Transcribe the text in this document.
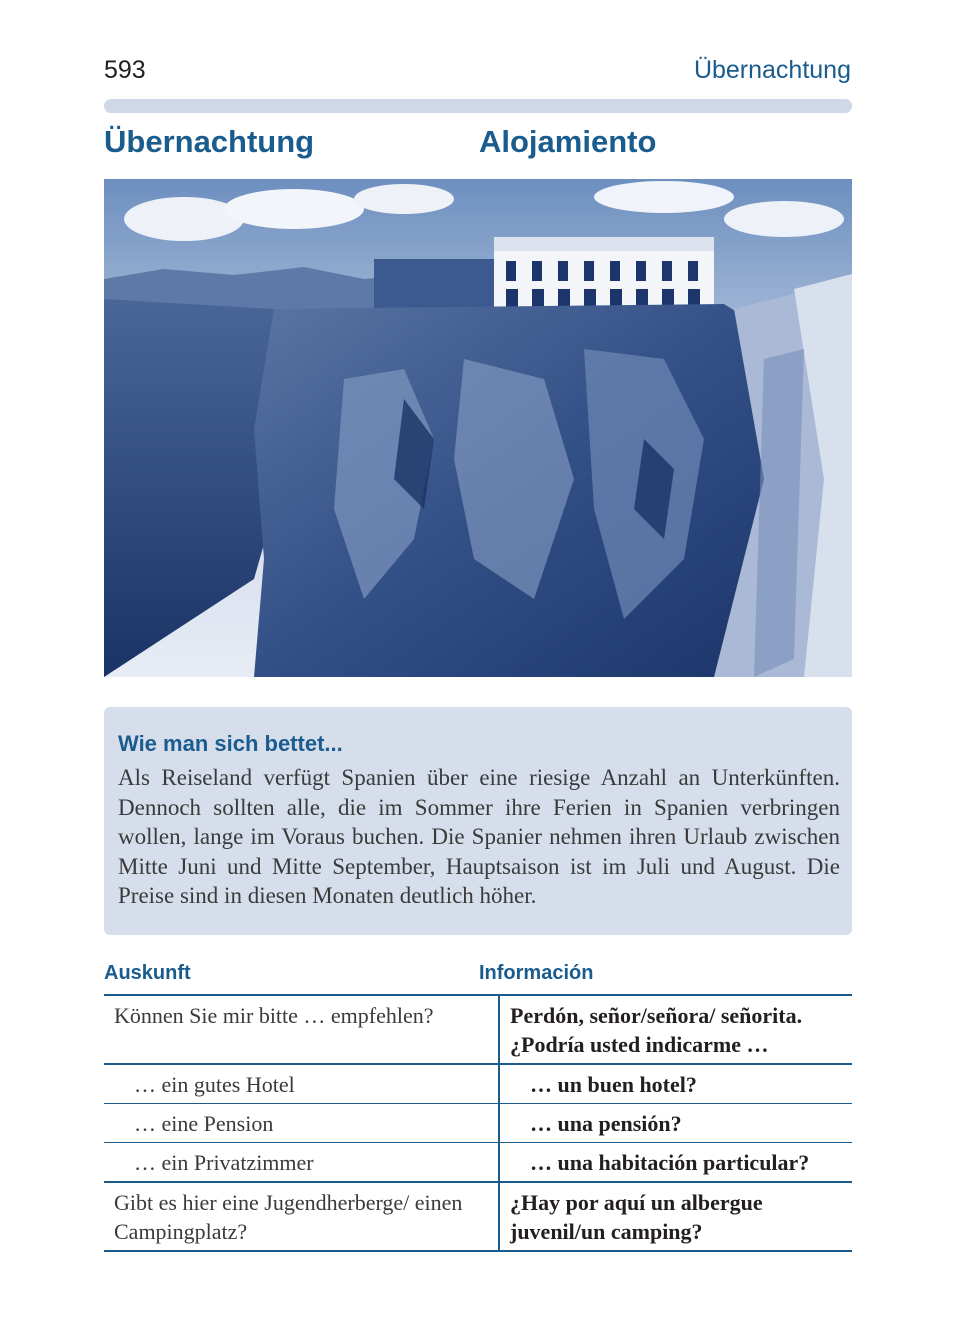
593	Übernachtung
Übernachtung	Alojamiento
Wie man sich bettet...
Als Reiseland verfügt Spanien über eine riesige Anzahl an Unterkünften. Dennoch sollten alle, die im Sommer ihre Ferien in Spanien verbringen wollen, lange im Voraus buchen. Die Spanier nehmen ihren Urlaub zwischen Mitte Juni und Mitte September, Hauptsaison ist im Juli und August. Die Preise sind in diesen Monaten deutlich höher.
Auskunft	Información
Können Sie mir bitte … empfehlen?	Perdón, señor/señora/ señorita. ¿Podría usted indicarme …
… ein gutes Hotel	… un buen hotel?
… eine Pension	… una pensión?
… ein Privatzimmer	… una habitación particular?
Gibt es hier eine Jugendherberge/ einen Campingplatz?	¿Hay por aquí un albergue juvenil/un camping?
